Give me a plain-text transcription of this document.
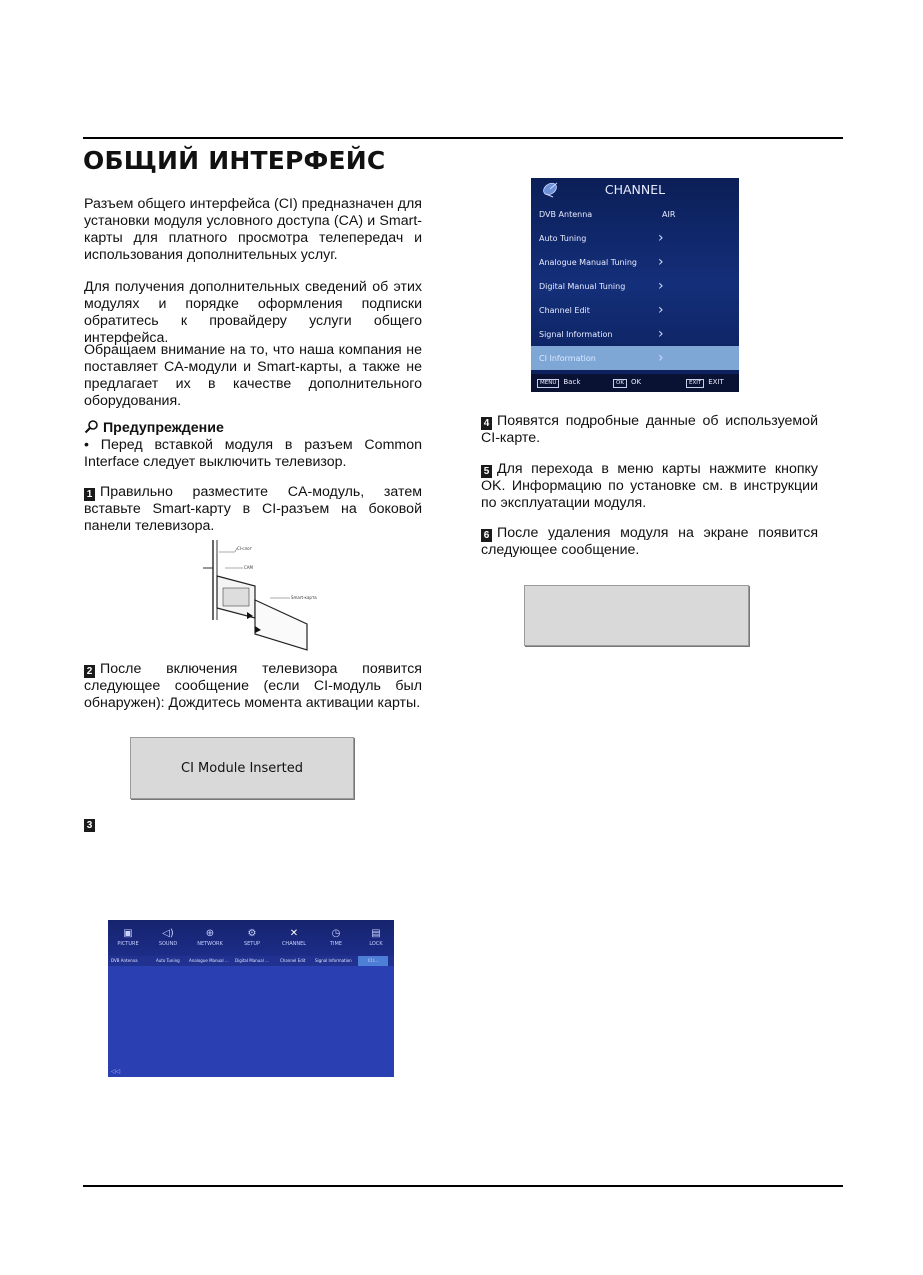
ОБЩИЙ ИНТЕРФЕЙС

Разъем общего интерфейса (CI) предназначен для установки модуля условного доступа (CA) и Smart-карты для платного просмотра телепередач и использования дополнительных услуг.

Для получения дополнительных сведений об этих модулях и порядке оформления подписки обратитесь к провайдеру услуги общего интерфейса.

Обращаем внимание на то, что наша компания не поставляет CA-модули и Smart-карты, а также не предлагает их в качестве дополнительного оборудования.

Предупреждение
• Перед вставкой модуля в разъем Common Interface следует выключить телевизор.

1 Правильно разместите CA-модуль, затем вставьте Smart-карту в CI-разъем на боковой панели телевизора.

CI-слот
CAM
Smart-карта

2 После включения телевизора появится следующее сообщение (если CI-модуль был обнаружен): Дождитесь момента активации карты.

CI Module Inserted
3
▣
PICTURE
◁)
SOUND
⊕
NETWORK
⚙
SETUP
✕
CHANNEL
◷
TIME
▤
LOCK
DVB Antenna	Auto Tuning Analogue Manual ... Digital Manual ...	Channel Edit Signal Information	CI I...
◁◁
CHANNEL
DVB Antenna	AIR
Auto Tuning	›
Analogue Manual Tuning ›
Digital Manual Tuning ›
Channel Edit	›
Signal Information	›
CI Information	›
MENU Back	OK OK	EXIT EXIT

4 Появятся подробные данные об используемой CI-карте.

5 Для перехода в меню карты нажмите кнопку OK. Информацию по установке см. в инструкции по эксплуатации модуля.

6 После удаления модуля на экране появится следующее сообщение.
